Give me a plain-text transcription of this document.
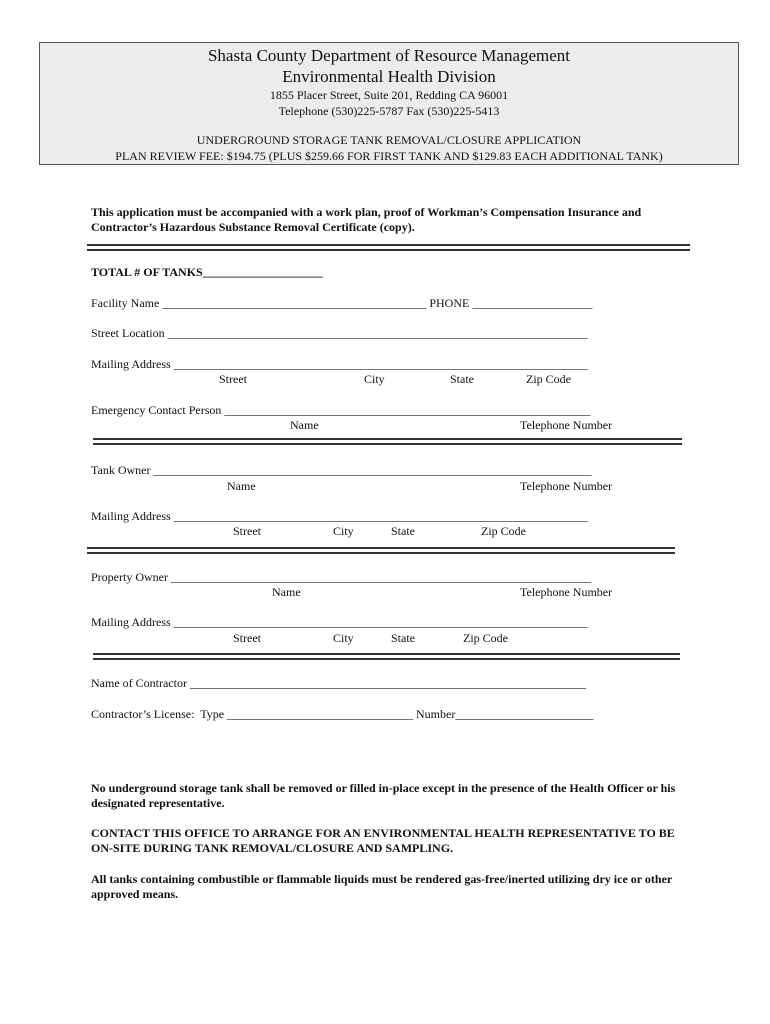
Shasta County Department of Resource Management
Environmental Health Division
1855 Placer Street, Suite 201, Redding CA 96001
Telephone (530)225-5787 Fax (530)225-5413
UNDERGROUND STORAGE TANK REMOVAL/CLOSURE APPLICATION
PLAN REVIEW FEE: $194.75 (PLUS $259.66 FOR FIRST TANK AND $129.83 EACH ADDITIONAL TANK)
This application must be accompanied with a work plan, proof of Workman’s Compensation Insurance and Contractor’s Hazardous Substance Removal Certificate (copy).
TOTAL # OF TANKS____________________
Facility Name ____________________________________________ PHONE ____________________
Street Location ______________________________________________________________________
Mailing Address _____________________________________________________________________
Street	City	State	Zip Code
Emergency Contact Person _____________________________________________________________
Name	Telephone Number
Tank Owner _________________________________________________________________________
Name	Telephone Number
Mailing Address _____________________________________________________________________
Street	City	State	Zip Code
Property Owner ______________________________________________________________________
Name	Telephone Number
Mailing Address _____________________________________________________________________
Street	City	State	Zip Code
Name of Contractor __________________________________________________________________
Contractor’s License:  Type _______________________________ Number_______________________
No underground storage tank shall be removed or filled in-place except in the presence of the Health Officer or his designated representative.
CONTACT THIS OFFICE TO ARRANGE FOR AN ENVIRONMENTAL HEALTH REPRESENTATIVE TO BE ON-SITE DURING TANK REMOVAL/CLOSURE AND SAMPLING.
All tanks containing combustible or flammable liquids must be rendered gas-free/inerted utilizing dry ice or other approved means.
